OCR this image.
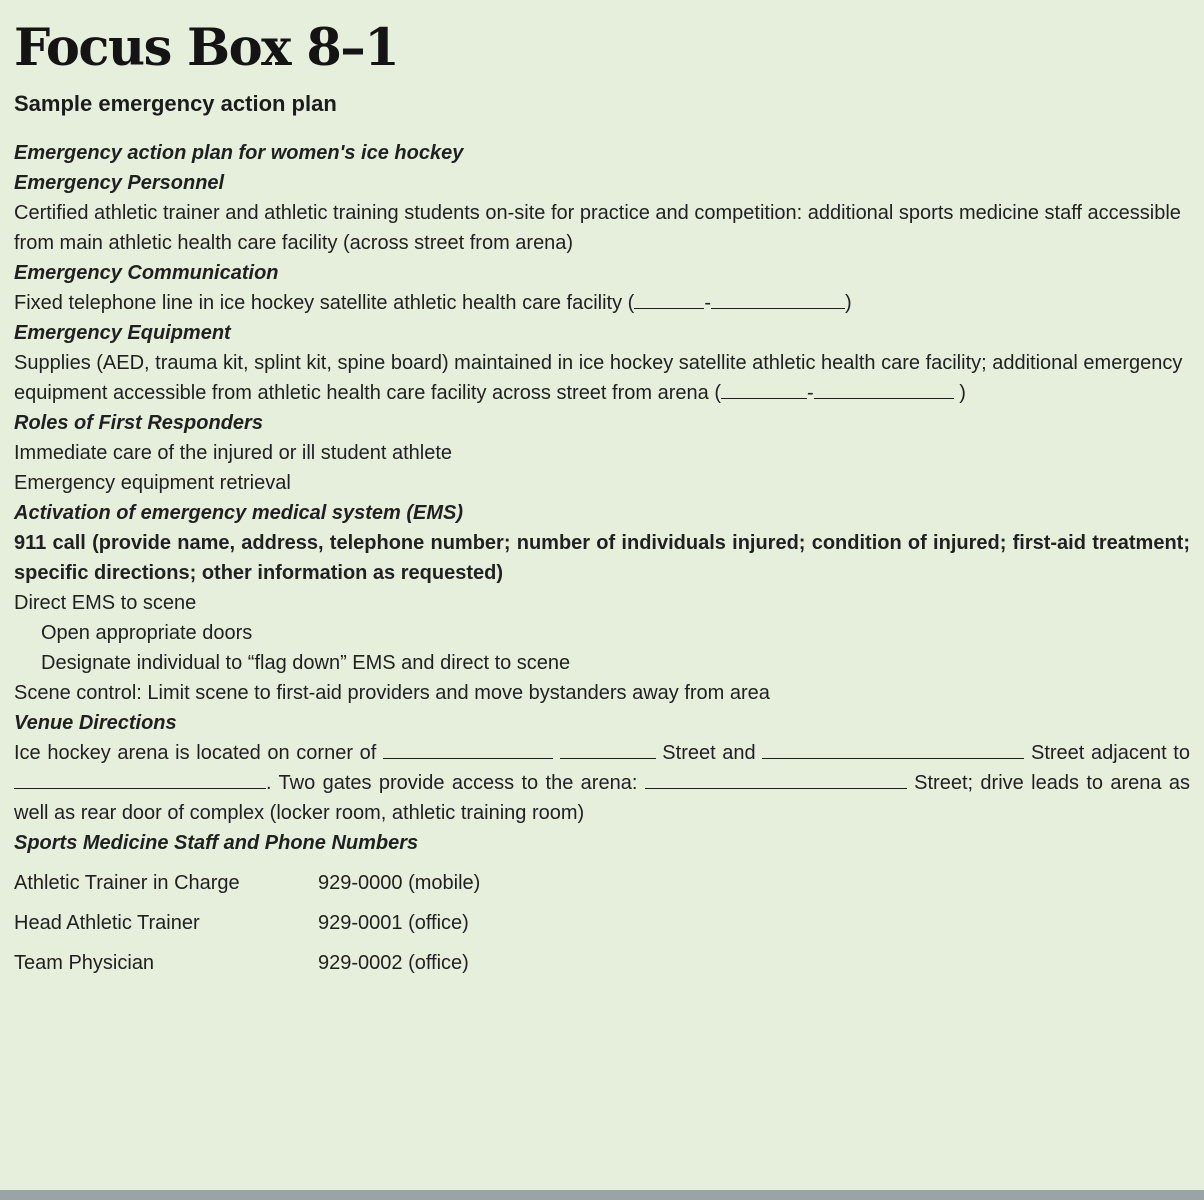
Focus Box 8–1
Sample emergency action plan

Emergency action plan for women's ice hockey

Emergency Personnel

Certified athletic trainer and athletic training students on-site for practice and competition: additional sports medicine staff accessible from main athletic health care facility (across street from arena)

Emergency Communication

Fixed telephone line in ice hockey satellite athletic health care facility (	-	)

Emergency Equipment

Supplies (AED, trauma kit, splint kit, spine board) maintained in ice hockey satellite athletic health care facility; additional emergency equipment accessible from athletic health care facility across street from arena (	-	)

Roles of First Responders

Immediate care of the injured or ill student athlete

Emergency equipment retrieval

Activation of emergency medical system (EMS)

911 call (provide name, address, telephone number; number of individuals injured; condition of injured; first-aid treatment; specific directions; other information as requested)

Direct EMS to scene

Open appropriate doors

Designate individual to “flag down” EMS and direct to scene

Scene control: Limit scene to first-aid providers and move bystanders away from area

Venue Directions

Ice hockey arena is located on corner of	Street and	Street adjacent to. Two gates provide access to the arena:	Street; drive leads to arena as well as rear door of complex (locker room, athletic training room)

Sports Medicine Staff and Phone Numbers

Athletic Trainer in Charge	929-0000 (mobile)
Head Athletic Trainer	929-0001 (office)
Team Physician	929-0002 (office)
